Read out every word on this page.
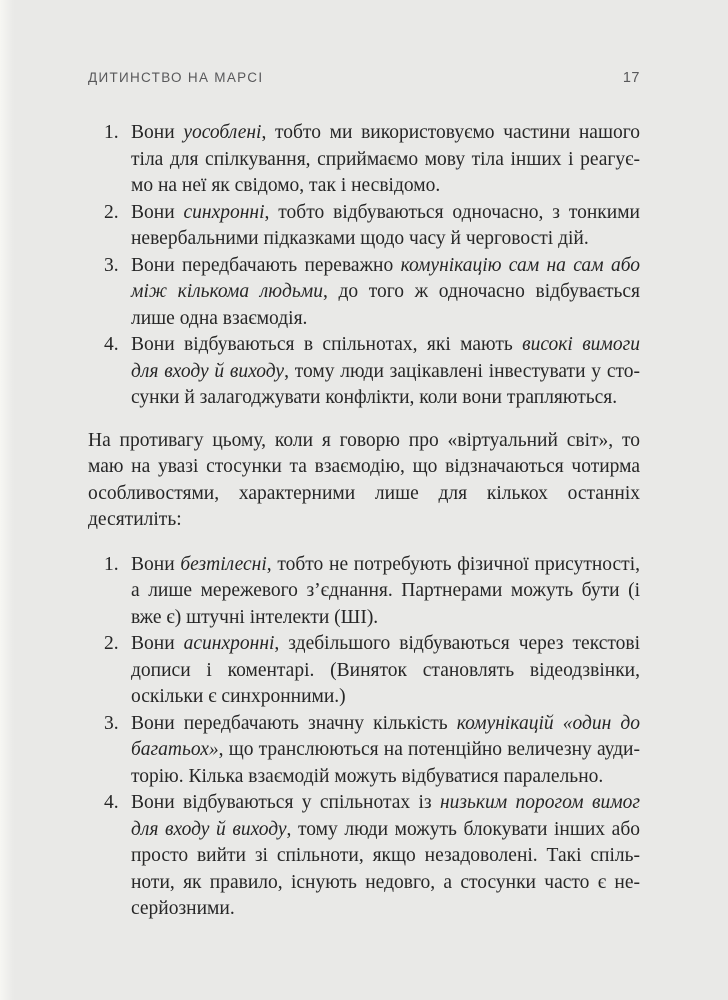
ДИТИНСТВО НА МАРСІ	17
1. Вони уособлені, тобто ми використовуємо частини нашого тіла для спілкування, сприймаємо мову тіла інших і реагуємо на неї як свідомо, так і несвідомо.
2. Вони синхронні, тобто відбуваються одночасно, з тонкими невербальними підказками щодо часу й черговості дій.
3. Вони передбачають переважно комунікацію сам на сам або між кількома людьми, до того ж одночасно відбувається лише одна взаємодія.
4. Вони відбуваються в спільнотах, які мають високі вимоги для входу й виходу, тому люди зацікавлені інвестувати у стосунки й залагоджувати конфлікти, коли вони трапляються.

На противагу цьому, коли я говорю про «віртуальний світ», то маю на увазі стосунки та взаємодію, що відзначаються чотирма особливостями, характерними лише для кількох останніх десятиліть:

1. Вони безтілесні, тобто не потребують фізичної присутності, а лише мережевого з’єднання. Партнерами можуть бути (і вже є) штучні інтелекти (ШІ).
2. Вони асинхронні, здебільшого відбуваються через текстові дописи і коментарі. (Виняток становлять відеодзвінки, оскільки є синхронними.)
3. Вони передбачають значну кількість комунікацій «один до багатьох», що транслюються на потенційно величезну аудиторію. Кілька взаємодій можуть відбуватися паралельно.
4. Вони відбуваються у спільнотах із низьким порогом вимог для входу й виходу, тому люди можуть блокувати інших або просто вийти зі спільноти, якщо незадоволені. Такі спільноти, як правило, існують недовго, а стосунки часто є несерйозними.
